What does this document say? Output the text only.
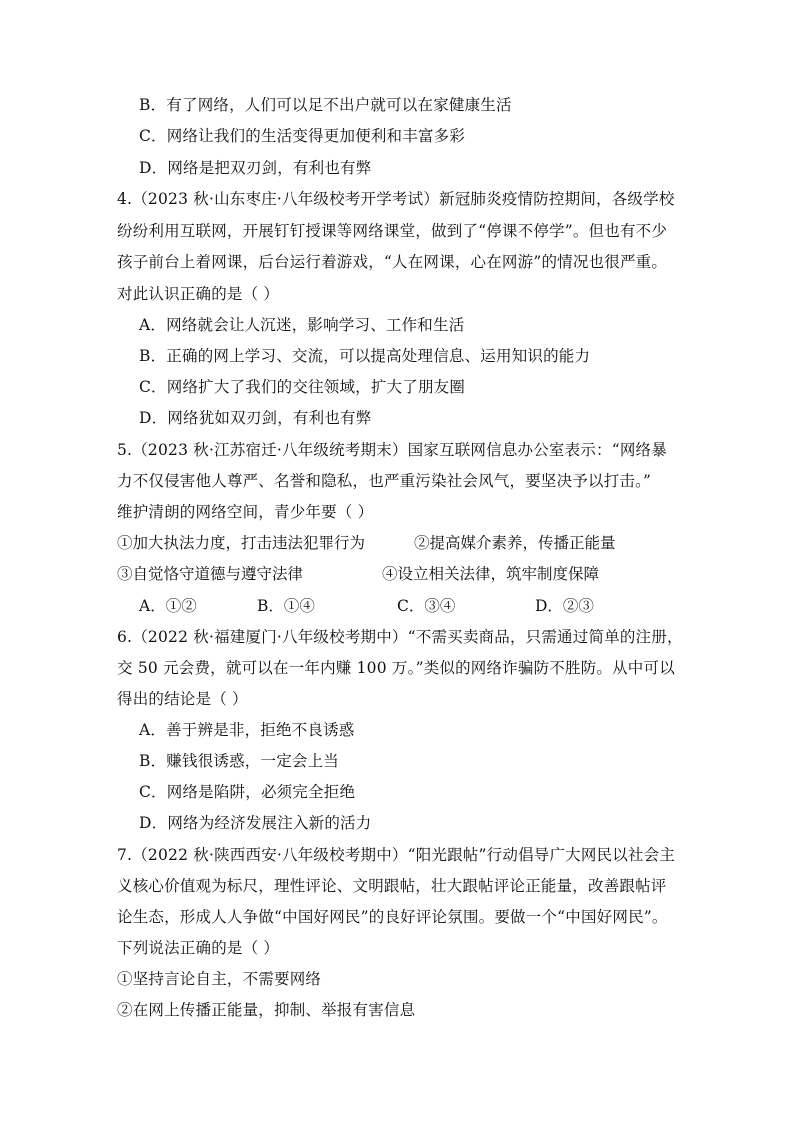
B．有了网络，人们可以足不出户就可以在家健康生活
C．网络让我们的生活变得更加便利和丰富多彩
D．网络是把双刃剑，有利也有弊
4.（2023 秋·山东枣庄·八年级校考开学考试）新冠肺炎疫情防控期间，各级学校
纷纷利用互联网，开展钉钉授课等网络课堂，做到了“停课不停学”。但也有不少
孩子前台上着网课，后台运行着游戏，“人在网课，心在网游”的情况也很严重。
对此认识正确的是（ ）
A．网络就会让人沉迷，影响学习、工作和生活
B．正确的网上学习、交流，可以提高处理信息、运用知识的能力
C．网络扩大了我们的交往领域，扩大了朋友圈
D．网络犹如双刃剑，有利也有弊
5.（2023 秋·江苏宿迁·八年级统考期末）国家互联网信息办公室表示：“网络暴
力不仅侵害他人尊严、名誉和隐私，也严重污染社会风气，要坚决予以打击。”
维护清朗的网络空间，青少年要（ ）
①加大执法力度，打击违法犯罪行为	②提高媒介素养，传播正能量
③自觉恪守道德与遵守法律	④设立相关法律，筑牢制度保障
A．①②	B．①④	C．③④	D．②③
6.（2022 秋·福建厦门·八年级校考期中）“不需买卖商品，只需通过简单的注册，
交 50 元会费，就可以在一年内赚 100 万。”类似的网络诈骗防不胜防。从中可以
得出的结论是（ ）
A．善于辨是非，拒绝不良诱惑
B．赚钱很诱惑，一定会上当
C．网络是陷阱，必须完全拒绝
D．网络为经济发展注入新的活力
7.（2022 秋·陕西西安·八年级校考期中）“阳光跟帖”行动倡导广大网民以社会主
义核心价值观为标尺，理性评论、文明跟帖，壮大跟帖评论正能量，改善跟帖评
论生态，形成人人争做“中国好网民”的良好评论氛围。要做一个“中国好网民”。
下列说法正确的是（ ）
①坚持言论自主，不需要网络
②在网上传播正能量，抑制、举报有害信息
